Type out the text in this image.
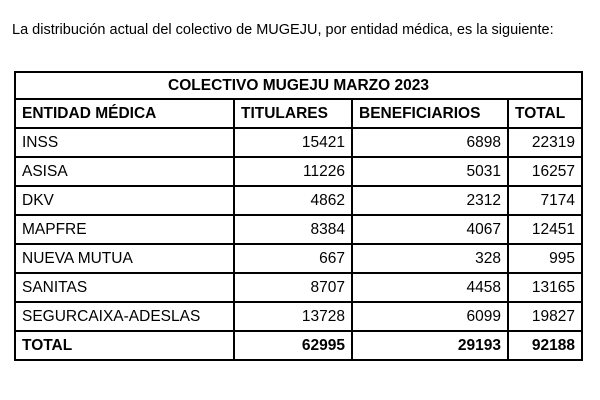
La distribución actual del colectivo de MUGEJU, por entidad médica, es la siguiente:
COLECTIVO MUGEJU MARZO 2023			
ENTIDAD MÉDICA	TITULARES	BENEFICIARIOS	TOTAL
INSS	15421	6898	22319
ASISA	11226	5031	16257
DKV	4862	2312	7174
MAPFRE	8384	4067	12451
NUEVA MUTUA	667	328	995
SANITAS	8707	4458	13165
SEGURCAIXA-ADESLAS	13728	6099	19827
TOTAL	62995	29193	92188
